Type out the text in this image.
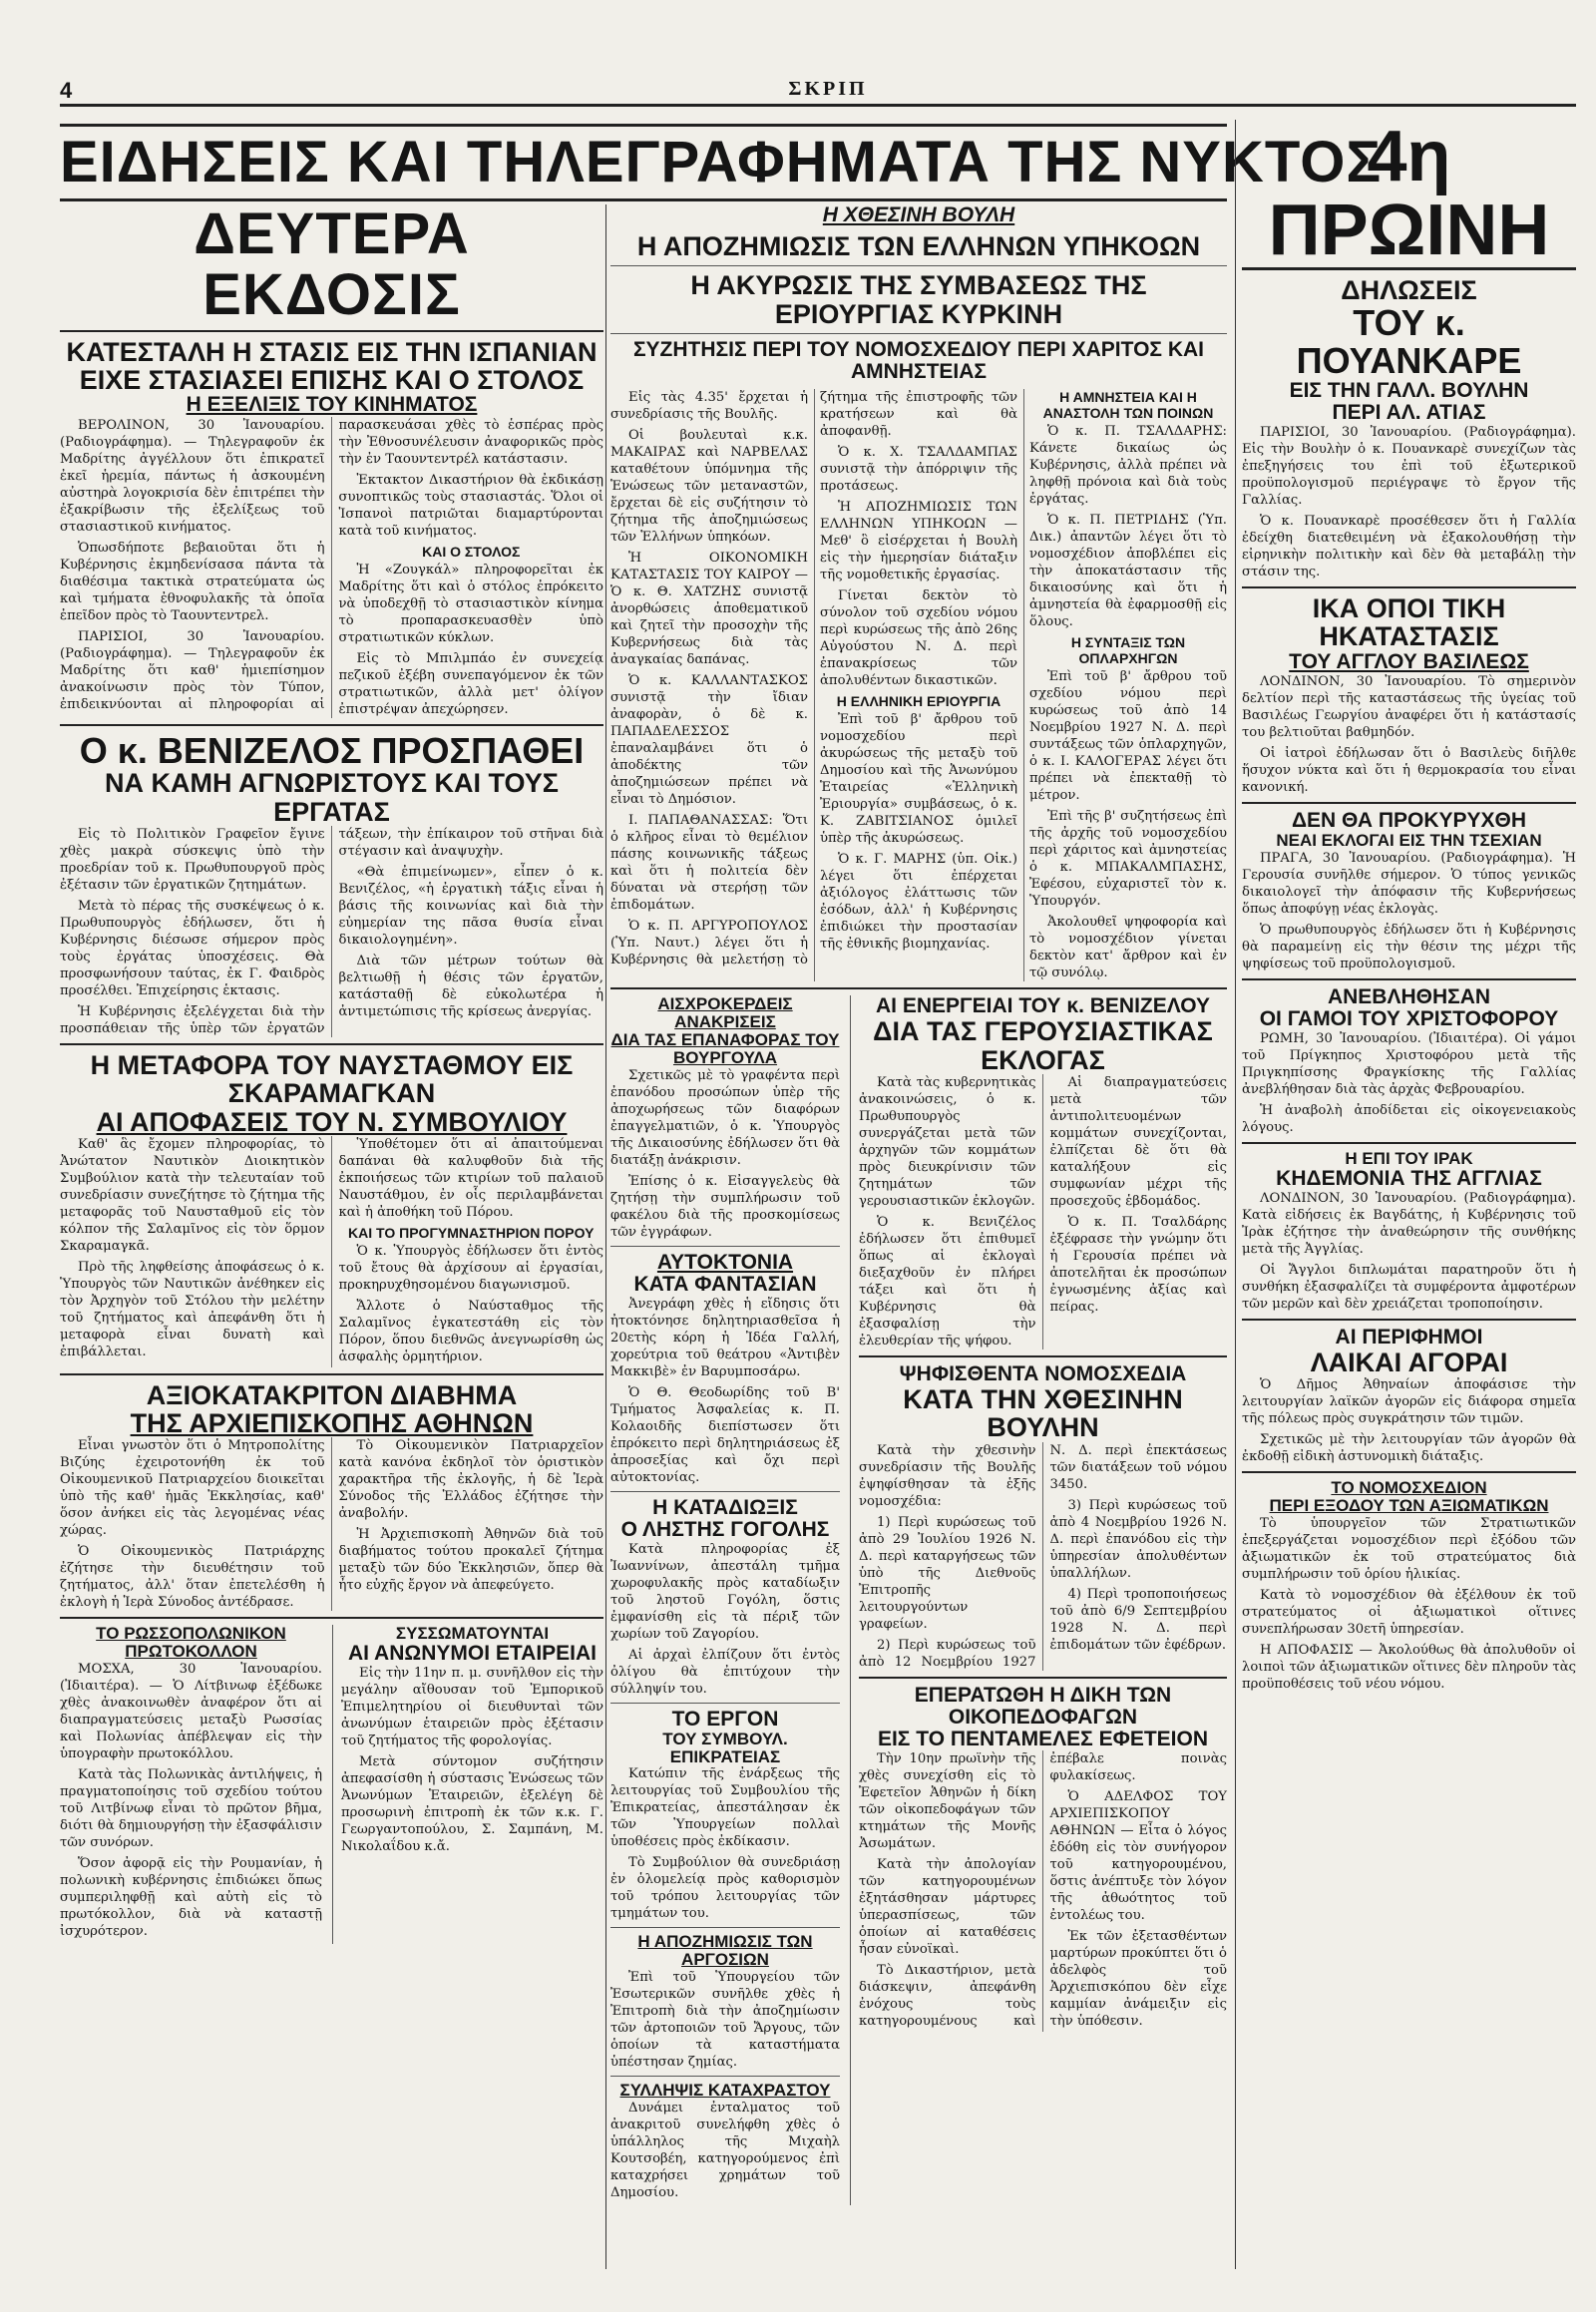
4	ΣΚΡΙΠ
ΕΙΔΗΣΕΙΣ ΚΑΙ ΤΗΛΕΓΡΑΦΗΜΑΤΑ ΤΗΣ ΝΥΚΤΟΣ
ΔΕΥΤΕΡΑ ΕΚΔΟΣΙΣ
ΚΑΤΕΣΤΑΛΗ Η ΣΤΑΣΙΣ ΕΙΣ ΤΗΝ ΙΣΠΑΝΙΑΝ
ΕΙΧΕ ΣΤΑΣΙΑΣΕΙ ΕΠΙΣΗΣ ΚΑΙ Ο ΣΤΟΛΟΣ
Η ΕΞΕΛΙΞΙΣ ΤΟΥ ΚΙΝΗΜΑΤΟΣ

ΒΕΡΟΛΙΝΟΝ, 30 Ἰανουαρίου. (Ραδιογράφημα). — Τηλεγραφοῦν ἐκ Μαδρίτης ἀγγέλλουν ὅτι ἐπικρατεῖ ἐκεῖ ἡρεμία, πάντως ἡ ἀσκουμένη αὐστηρὰ λογοκρισία δὲν ἐπιτρέπει τὴν ἐξακρίβωσιν τῆς ἐξελίξεως τοῦ στασιαστικοῦ κινήματος.

Ὁπωσδήποτε βεβαιοῦται ὅτι ἡ Κυβέρνησις ἐκμηδενίσασα πάντα τὰ διαθέσιμα τακτικὰ στρατεύματα ὡς καὶ τμήματα ἐθνοφυλακῆς τὰ ὁποῖα ἐπεῖδον πρὸς τὸ Ταουντεντρελ.

ΠΑΡΙΣΙΟΙ, 30 Ἰανουαρίου. (Ραδιογράφημα). — Τηλεγραφοῦν ἐκ Μαδρίτης ὅτι καθ' ἡμιεπίσημον ἀνακοίνωσιν πρὸς τὸν Τύπον, ἐπιδεικνύονται αἱ πληροφορίαι αἱ παρασκευάσαι χθὲς τὸ ἑσπέρας πρὸς τὴν Ἐθνοσυνέλευσιν ἀναφορικῶς πρὸς τὴν ἐν Ταουντεντρέλ κατάστασιν.

Ἐκτακτον Δικαστήριον θὰ ἐκδικάσῃ συνοπτικῶς τοὺς στασιαστάς. Ὅλοι οἱ Ἰσπανοὶ πατριῶται διαμαρτύρονται κατὰ τοῦ κινήματος.

ΚΑΙ Ο ΣΤΟΛΟΣ

Ἡ «Ζουγκάλ» πληροφορεῖται ἐκ Μαδρίτης ὅτι καὶ ὁ στόλος ἐπρόκειτο νὰ ὑποδεχθῇ τὸ στασιαστικὸν κίνημα τὸ προπαρασκευασθὲν ὑπὸ στρατιωτικῶν κύκλων.

Εἰς τὸ Μπιλμπάο ἐν συνεχείᾳ πεζικοῦ ἐξέβη συνεπαγόμενον ἐκ τῶν στρατιωτικῶν, ἀλλὰ μετ' ὀλίγον ἐπιστρέψαν ἀπεχώρησεν.

Ο κ. ΒΕΝΙΖΕΛΟΣ ΠΡΟΣΠΑΘΕΙ
ΝΑ ΚΑΜΗ ΑΓΝΩΡΙΣΤΟΥΣ ΚΑΙ ΤΟΥΣ ΕΡΓΑΤΑΣ

Εἰς τὸ Πολιτικὸν Γραφεῖον ἔγινε χθὲς μακρὰ σύσκεψις ὑπὸ τὴν προεδρίαν τοῦ κ. Πρωθυπουργοῦ πρὸς ἐξέτασιν τῶν ἐργατικῶν ζητημάτων.

Μετὰ τὸ πέρας τῆς συσκέψεως ὁ κ. Πρωθυπουργὸς ἐδήλωσεν, ὅτι ἡ Κυβέρνησις διέσωσε σήμερον πρὸς τοὺς ἐργάτας ὑποσχέσεις. Θὰ προσφωνήσουν ταύτας, ἐκ Γ. Φαιδρὸς προσέλθει. Ἐπιχείρησις ἑκτασις.

Ἡ Κυβέρνησις ἐξελέγχεται διὰ τὴν προσπάθειαν τῆς ὑπὲρ τῶν ἐργατῶν τάξεων, τὴν ἐπίκαιρον τοῦ στῆναι διὰ στέγασιν καὶ ἀναψυχὴν.

«Θὰ ἐπιμείνωμεν», εἶπεν ὁ κ. Βενιζέλος, «ἡ ἐργατικὴ τάξις εἶναι ἡ βάσις τῆς κοινωνίας καὶ διὰ τὴν εὐημερίαν της πᾶσα θυσία εἶναι δικαιολογημένη».

Διὰ τῶν μέτρων τούτων θὰ βελτιωθῇ ἡ θέσις τῶν ἐργατῶν, κατάσταθῇ δὲ εὐκολωτέρα ἡ ἀντιμετώπισις τῆς κρίσεως ἀνεργίας.

Η ΜΕΤΑΦΟΡΑ ΤΟΥ ΝΑΥΣΤΑΘΜΟΥ ΕΙΣ ΣΚΑΡΑΜΑΓΚΑΝ
ΑΙ ΑΠΟΦΑΣΕΙΣ ΤΟΥ Ν. ΣΥΜΒΟΥΛΙΟΥ

Καθ' ἃς ἔχομεν πληροφορίας, τὸ Ἀνώτατον Ναυτικὸν Διοικητικὸν Συμβούλιον κατὰ τὴν τελευταίαν τοῦ συνεδρίασιν συνεζήτησε τὸ ζήτημα τῆς μεταφορᾶς τοῦ Ναυσταθμοῦ εἰς τὸν κόλπον τῆς Σαλαμῖνος εἰς τὸν ὅρμον Σκαραμαγκᾶ.

Πρὸ τῆς ληφθείσης ἀποφάσεως ὁ κ. Ὑπουργὸς τῶν Ναυτικῶν ἀνέθηκεν εἰς τὸν Ἀρχηγὸν τοῦ Στόλου τὴν μελέτην τοῦ ζητήματος καὶ ἀπεφάνθη ὅτι ἡ μεταφορὰ εἶναι δυνατὴ καὶ ἐπιβάλλεται.

Ὑποθέτομεν ὅτι αἱ ἀπαιτούμεναι δαπάναι θὰ καλυφθοῦν διὰ τῆς ἐκποιήσεως τῶν κτιρίων τοῦ παλαιοῦ Ναυστάθμου, ἐν οἷς περιλαμβάνεται καὶ ἡ ἀποθήκη τοῦ Πόρου.

ΚΑΙ ΤΟ ΠΡΟΓΥΜΝΑΣΤΗΡΙΟΝ ΠΟΡΟΥ

Ὁ κ. Ὑπουργὸς ἐδήλωσεν ὅτι ἐντὸς τοῦ ἔτους θὰ ἀρχίσουν αἱ ἐργασίαι, προκηρυχθησομένου διαγωνισμοῦ.

Ἄλλοτε ὁ Ναύσταθμος τῆς Σαλαμῖνος ἐγκατεστάθη εἰς τὸν Πόρον, ὅπου διεθνῶς ἀνεγνωρίσθη ὡς ἀσφαλὴς ὁρμητήριον.

ΑΞΙΟΚΑΤΑΚΡΙΤΟΝ ΔΙΑΒΗΜΑ
ΤΗΣ ΑΡΧΙΕΠΙΣΚΟΠΗΣ ΑΘΗΝΩΝ

Εἶναι γνωστὸν ὅτι ὁ Μητροπολίτης Βιζύης ἐχειροτονήθη ἐκ τοῦ Οἰκουμενικοῦ Πατριαρχείου διοικεῖται ὑπὸ τῆς καθ' ἡμᾶς Ἐκκλησίας, καθ' ὅσον ἀνήκει εἰς τὰς λεγομένας νέας χώρας.

Ὁ Οἰκουμενικὸς Πατριάρχης ἐζήτησε τὴν διευθέτησιν τοῦ ζητήματος, ἀλλ' ὅταν ἐπετελέσθη ἡ ἐκλογὴ ἡ Ἱερὰ Σύνοδος ἀντέδρασε.

Τὸ Οἰκουμενικὸν Πατριαρχεῖον κατὰ κανόνα ἐκδηλοῖ τὸν ὁριστικὸν χαρακτῆρα τῆς ἐκλογῆς, ἡ δὲ Ἱερὰ Σύνοδος τῆς Ἑλλάδος ἐζήτησε τὴν ἀναβολήν.

Ἡ Ἀρχιεπισκοπὴ Ἀθηνῶν διὰ τοῦ διαβήματος τούτου προκαλεῖ ζήτημα μεταξὺ τῶν δύο Ἐκκλησιῶν, ὅπερ θὰ ἦτο εὐχῆς ἔργον νὰ ἀπεφεύγετο.

ΤΟ ΡΩΣΣΟΠΟΛΩΝΙΚΟΝ ΠΡΩΤΟΚΟΛΛΟΝ

ΜΟΣΧΑ, 30 Ἰανουαρίου. (Ἰδιαιτέρα). — Ὁ Λίτβινωφ ἐξέδωκε χθὲς ἀνακοινωθὲν ἀναφέρον ὅτι αἱ διαπραγματεύσεις μεταξὺ Ρωσσίας καὶ Πολωνίας ἀπέβλεψαν εἰς τὴν ὑπογραφὴν πρωτοκόλλου.

Κατὰ τὰς Πολωνικὰς ἀντιλήψεις, ἡ πραγματοποίησις τοῦ σχεδίου τούτου τοῦ Λιτβίνωφ εἶναι τὸ πρῶτον βῆμα, διότι θὰ δημιουργήσῃ τὴν ἐξασφάλισιν τῶν συνόρων.

Ὅσον ἀφορᾷ εἰς τὴν Ρουμανίαν, ἡ πολωνικὴ κυβέρνησις ἐπιδιώκει ὅπως συμπεριληφθῇ καὶ αὐτὴ εἰς τὸ πρωτόκολλον, διὰ νὰ καταστῇ ἰσχυρότερον.

ΣΥΣΣΩΜΑΤΟΥΝΤΑΙ
ΑΙ ΑΝΩΝΥΜΟΙ ΕΤΑΙΡΕΙΑΙ

Εἰς τὴν 11ην π. μ. συνῆλθον εἰς τὴν μεγάλην αἴθουσαν τοῦ Ἐμπορικοῦ Ἐπιμελητηρίου οἱ διευθυνταὶ τῶν ἀνωνύμων ἑταιρειῶν πρὸς ἐξέτασιν τοῦ ζητήματος τῆς φορολογίας.

Μετὰ σύντομον συζήτησιν ἀπεφασίσθη ἡ σύστασις Ἑνώσεως τῶν Ἀνωνύμων Ἑταιρειῶν, ἐξελέγη δὲ προσωρινὴ ἐπιτροπὴ ἐκ τῶν κ.κ. Γ. Γεωργαντοπούλου, Σ. Σαμπάνη, Μ. Νικολαΐδου κ.ἄ.

Η ΧΘΕΣΙΝΗ ΒΟΥΛΗ
Η ΑΠΟΖΗΜΙΩΣΙΣ ΤΩΝ ΕΛΛΗΝΩΝ ΥΠΗΚΟΩΝ
Η ΑΚΥΡΩΣΙΣ ΤΗΣ ΣΥΜΒΑΣΕΩΣ ΤΗΣ ΕΡΙΟΥΡΓΙΑΣ ΚΥΡΚΙΝΗ
ΣΥΖΗΤΗΣΙΣ ΠΕΡΙ ΤΟΥ ΝΟΜΟΣΧΕΔΙΟΥ ΠΕΡΙ ΧΑΡΙΤΟΣ ΚΑΙ ΑΜΝΗΣΤΕΙΑΣ

Εἰς τὰς 4.35' ἔρχεται ἡ συνεδρίασις τῆς Βουλῆς.

Οἱ βουλευταὶ κ.κ. ΜΑΚΑΙΡΑΣ καὶ ΝΑΡΒΕΛΑΣ καταθέτουν ὑπόμνημα τῆς Ἑνώσεως τῶν μεταναστῶν, ἔρχεται δὲ εἰς συζήτησιν τὸ ζήτημα τῆς ἀποζημιώσεως τῶν Ἑλλήνων ὑπηκόων.

Ἡ ΟΙΚΟΝΟΜΙΚΗ ΚΑΤΑΣΤΑΣΙΣ ΤΟΥ ΚΑΙΡΟΥ — Ὁ κ. Θ. ΧΑΤΖΗΣ συνιστᾷ ἀνορθώσεις ἀποθεματικοῦ καὶ ζητεῖ τὴν προσοχὴν τῆς Κυβερνήσεως διὰ τὰς ἀναγκαίας δαπάνας.

Ὁ κ. ΚΑΛΛΑΝΤΑΣΚΟΣ συνιστᾷ τὴν ἴδιαν ἀναφορὰν, ὁ δὲ κ. ΠΑΠΑΔΕΛΕΣΣΟΣ ἐπαναλαμβάνει ὅτι ὁ ἀποδέκτης τῶν ἀποζημιώσεων πρέπει νὰ εἶναι τὸ Δημόσιον.

Ι. ΠΑΠΑΘΑΝΑΣΣΑΣ: Ὅτι ὁ κλῆρος εἶναι τὸ θεμέλιον πάσης κοινωνικῆς τάξεως καὶ ὅτι ἡ πολιτεία δὲν δύναται νὰ στερήσῃ τῶν ἐπιδομάτων.

Ὁ κ. Π. ΑΡΓΥΡΟΠΟΥΛΟΣ (Ὑπ. Ναυτ.) λέγει ὅτι ἡ Κυβέρνησις θὰ μελετήσῃ τὸ ζήτημα τῆς ἐπιστροφῆς τῶν κρατήσεων καὶ θὰ ἀποφανθῇ.

Ὁ κ. Χ. ΤΣΑΛΔΑΜΠΑΣ συνιστᾷ τὴν ἀπόρριψιν τῆς προτάσεως.

Ἡ ΑΠΟΖΗΜΙΩΣΙΣ ΤΩΝ ΕΛΛΗΝΩΝ ΥΠΗΚΟΩΝ — Μεθ' ὃ εἰσέρχεται ἡ Βουλὴ εἰς τὴν ἡμερησίαν διάταξιν τῆς νομοθετικῆς ἐργασίας.

Γίνεται δεκτὸν τὸ σύνολον τοῦ σχεδίου νόμου περὶ κυρώσεως τῆς ἀπὸ 26ης Αὐγούστου Ν. Δ. περὶ ἐπανακρίσεως τῶν ἀπολυθέντων δικαστικῶν.

Η ΕΛΛΗΝΙΚΗ ΕΡΙΟΥΡΓΙΑ

Ἐπὶ τοῦ β' ἄρθρου τοῦ νομοσχεδίου περὶ ἀκυρώσεως τῆς μεταξὺ τοῦ Δημοσίου καὶ τῆς Ἀνωνύμου Ἑταιρείας «Ἑλληνικὴ Ἐριουργία» συμβάσεως, ὁ κ. Κ. ΖΑΒΙΤΣΙΑΝΟΣ ὁμιλεῖ ὑπὲρ τῆς ἀκυρώσεως.

Ὁ κ. Γ. ΜΑΡΗΣ (ὑπ. Οἰκ.) λέγει ὅτι ἐπέρχεται ἀξιόλογος ἐλάττωσις τῶν ἐσόδων, ἀλλ' ἡ Κυβέρνησις ἐπιδιώκει τὴν προστασίαν τῆς ἐθνικῆς βιομηχανίας.

Η ΑΜΝΗΣΤΕΙΑ ΚΑΙ Η ΑΝΑΣΤΟΛΗ ΤΩΝ ΠΟΙΝΩΝ

Ὁ κ. Π. ΤΣΑΛΔΑΡΗΣ: Κάνετε δικαίως ὡς Κυβέρνησις, ἀλλὰ πρέπει νὰ ληφθῇ πρόνοια καὶ διὰ τοὺς ἐργάτας.

Ὁ κ. Π. ΠΕΤΡΙΔΗΣ (Ὑπ. Δικ.) ἀπαντῶν λέγει ὅτι τὸ νομοσχέδιον ἀποβλέπει εἰς τὴν ἀποκατάστασιν τῆς δικαιοσύνης καὶ ὅτι ἡ ἀμνηστεία θὰ ἐφαρμοσθῇ εἰς ὅλους.

Η ΣΥΝΤΑΞΙΣ ΤΩΝ ΟΠΛΑΡΧΗΓΩΝ

Ἐπὶ τοῦ β' ἄρθρου τοῦ σχεδίου νόμου περὶ κυρώσεως τοῦ ἀπὸ 14 Νοεμβρίου 1927 Ν. Δ. περὶ συντάξεως τῶν ὁπλαρχηγῶν, ὁ κ. Ι. ΚΑΛΟΓΕΡΑΣ λέγει ὅτι πρέπει νὰ ἐπεκταθῇ τὸ μέτρον.

Ἐπὶ τῆς β' συζητήσεως ἐπὶ τῆς ἀρχῆς τοῦ νομοσχεδίου περὶ χάριτος καὶ ἀμνηστείας ὁ κ. ΜΠΑΚΑΛΜΠΑΣΗΣ, Ἐφέσου, εὐχαριστεῖ τὸν κ. Ὑπουργόν.

Ἀκολουθεῖ ψηφοφορία καὶ τὸ νομοσχέδιον γίνεται δεκτὸν κατ' ἄρθρον καὶ ἐν τῷ συνόλῳ.

ΑΙΣΧΡΟΚΕΡΔΕΙΣ ΑΝΑΚΡΙΣΕΙΣ
ΔΙΑ ΤΑΣ ΕΠΑΝΑΦΟΡΑΣ ΤΟΥ ΒΟΥΡΓΟΥΛΑ

Σχετικῶς μὲ τὸ γραφέντα περὶ ἐπανόδου προσώπων ὑπὲρ τῆς ἀποχωρήσεως τῶν διαφόρων ἐπαγγελματιῶν, ὁ κ. Ὑπουργὸς τῆς Δικαιοσύνης ἐδήλωσεν ὅτι θὰ διατάξῃ ἀνάκρισιν.

Ἐπίσης ὁ κ. Εἰσαγγελεὺς θὰ ζητήσῃ τὴν συμπλήρωσιν τοῦ φακέλου διὰ τῆς προσκομίσεως τῶν ἐγγράφων.

ΑΥΤΟΚΤΟΝΙΑ
ΚΑΤΑ ΦΑΝΤΑΣΙΑΝ

Ἀνεγράφη χθὲς ἡ εἴδησις ὅτι ἠτοκτόνησε δηλητηριασθεῖσα ἡ 20ετὴς κόρη ἡ Ἰδέα Γαλλή, χορεύτρια τοῦ θεάτρου «Ἀντιβὲν Μακκιβὲ» ἐν Βαρυμποσάρω.

Ὁ Θ. Θεοδωρίδης τοῦ Β' Τμήματος Ἀσφαλείας κ. Π. Κολαοιδῆς διεπίστωσεν ὅτι ἐπρόκειτο περὶ δηλητηριάσεως ἐξ ἀπροσεξίας καὶ ὄχι περὶ αὐτοκτονίας.

Η ΚΑΤΑΔΙΩΞΙΣ
Ο ΛΗΣΤΗΣ ΓΟΓΟΛΗΣ

Κατὰ πληροφορίας ἐξ Ἰωαννίνων, ἀπεστάλη τμῆμα χωροφυλακῆς πρὸς καταδίωξιν τοῦ ληστοῦ Γογόλη, ὅστις ἐμφανίσθη εἰς τὰ πέριξ τῶν χωρίων τοῦ Ζαγορίου.

Αἱ ἀρχαὶ ἐλπίζουν ὅτι ἐντὸς ὀλίγου θὰ ἐπιτύχουν τὴν σύλληψίν του.

ΤΟ ΕΡΓΟΝ
ΤΟΥ ΣΥΜΒΟΥΛ. ΕΠΙΚΡΑΤΕΙΑΣ

Κατώπιν τῆς ἐνάρξεως τῆς λειτουργίας τοῦ Συμβουλίου τῆς Ἐπικρατείας, ἀπεστάλησαν ἐκ τῶν Ὑπουργείων πολλαὶ ὑποθέσεις πρὸς ἐκδίκασιν.

Τὸ Συμβούλιον θὰ συνεδριάσῃ ἐν ὁλομελείᾳ πρὸς καθορισμὸν τοῦ τρόπου λειτουργίας τῶν τμημάτων του.

Η ΑΠΟΖΗΜΙΩΣΙΣ ΤΩΝ ΑΡΓΟΣΙΩΝ

Ἐπὶ τοῦ Ὑπουργείου τῶν Ἐσωτερικῶν συνῆλθε χθὲς ἡ Ἐπιτροπὴ διὰ τὴν ἀποζημίωσιν τῶν ἀρτοποιῶν τοῦ Ἄργους, τῶν ὁποίων τὰ καταστήματα ὑπέστησαν ζημίας.

ΣΥΛΛΗΨΙΣ ΚΑΤΑΧΡΑΣΤΟΥ

Δυνάμει ἐνταλματος τοῦ ἀνακριτοῦ συνελήφθη χθὲς ὁ ὑπάλληλος τῆς Μιχαὴλ Κουτσοβέη, κατηγορούμενος ἐπὶ καταχρήσει χρημάτων τοῦ Δημοσίου.

ΑΙ ΕΝΕΡΓΕΙΑΙ ΤΟΥ κ. ΒΕΝΙΖΕΛΟΥ
ΔΙΑ ΤΑΣ ΓΕΡΟΥΣΙΑΣΤΙΚΑΣ ΕΚΛΟΓΑΣ

Κατὰ τὰς κυβερνητικὰς ἀνακοινώσεις, ὁ κ. Πρωθυπουργὸς συνεργάζεται μετὰ τῶν ἀρχηγῶν τῶν κομμάτων πρὸς διευκρίνισιν τῶν ζητημάτων τῶν γερουσιαστικῶν ἐκλογῶν.

Ὁ κ. Βενιζέλος ἐδήλωσεν ὅτι ἐπιθυμεῖ ὅπως αἱ ἐκλογαὶ διεξαχθοῦν ἐν πλήρει τάξει καὶ ὅτι ἡ Κυβέρνησις θὰ ἐξασφαλίσῃ τὴν ἐλευθερίαν τῆς ψήφου.

Αἱ διαπραγματεύσεις μετὰ τῶν ἀντιπολιτευομένων κομμάτων συνεχίζονται, ἐλπίζεται δὲ ὅτι θὰ καταλήξουν εἰς συμφωνίαν μέχρι τῆς προσεχοῦς ἑβδομάδος.

Ὁ κ. Π. Τσαλδάρης ἐξέφρασε τὴν γνώμην ὅτι ἡ Γερουσία πρέπει νὰ ἀποτελῆται ἐκ προσώπων ἐγνωσμένης ἀξίας καὶ πείρας.

ΨΗΦΙΣΘΕΝΤΑ ΝΟΜΟΣΧΕΔΙΑ
ΚΑΤΑ ΤΗΝ ΧΘΕΣΙΝΗΝ ΒΟΥΛΗΝ

Κατὰ τὴν χθεσινὴν συνεδρίασιν τῆς Βουλῆς ἐψηφίσθησαν τὰ ἑξῆς νομοσχέδια:

1) Περὶ κυρώσεως τοῦ ἀπὸ 29 Ἰουλίου 1926 Ν. Δ. περὶ καταργήσεως τῶν ὑπὸ τῆς Διεθνοῦς Ἐπιτροπῆς λειτουργούντων γραφείων.

2) Περὶ κυρώσεως τοῦ ἀπὸ 12 Νοεμβρίου 1927 Ν. Δ. περὶ ἐπεκτάσεως τῶν διατάξεων τοῦ νόμου 3450.

3) Περὶ κυρώσεως τοῦ ἀπὸ 4 Νοεμβρίου 1926 Ν. Δ. περὶ ἐπανόδου εἰς τὴν ὑπηρεσίαν ἀπολυθέντων ὑπαλλήλων.

4) Περὶ τροποποιήσεως τοῦ ἀπὸ 6/9 Σεπτεμβρίου 1928 Ν. Δ. περὶ ἐπιδομάτων τῶν ἐφέδρων.

ΕΠΕΡΑΤΩΘΗ Η ΔΙΚΗ ΤΩΝ ΟΙΚΟΠΕΔΟΦΑΓΩΝ
ΕΙΣ ΤΟ ΠΕΝΤΑΜΕΛΕΣ ΕΦΕΤΕΙΟΝ

Τὴν 10ην πρωϊνὴν τῆς χθὲς συνεχίσθη εἰς τὸ Ἐφετεῖον Ἀθηνῶν ἡ δίκη τῶν οἰκοπεδοφάγων τῶν κτημάτων τῆς Μονῆς Ἀσωμάτων.

Κατὰ τὴν ἀπολογίαν τῶν κατηγορουμένων ἐξητάσθησαν μάρτυρες ὑπερασπίσεως, τῶν ὁποίων αἱ καταθέσεις ἦσαν εὐνοϊκαὶ.

Τὸ Δικαστήριον, μετὰ διάσκεψιν, ἀπεφάνθη ἐνόχους τοὺς κατηγορουμένους καὶ ἐπέβαλε ποινὰς φυλακίσεως.

Ὁ ΑΔΕΛΦΟΣ ΤΟΥ ΑΡΧΙΕΠΙΣΚΟΠΟΥ ΑΘΗΝΩΝ — Εἶτα ὁ λόγος ἐδόθη εἰς τὸν συνήγορον τοῦ κατηγορουμένου, ὅστις ἀνέπτυξε τὸν λόγον τῆς ἀθωότητος τοῦ ἐντολέως του.

Ἐκ τῶν ἐξετασθέντων μαρτύρων προκύπτει ὅτι ὁ ἀδελφὸς τοῦ Ἀρχιεπισκόπου δὲν εἶχε καμμίαν ἀνάμειξιν εἰς τὴν ὑπόθεσιν.

4η ΠΡΩΙΝΗ
ΔΗΛΩΣΕΙΣ
ΤΟΥ κ. ΠΟΥΑΝΚΑΡΕ
ΕΙΣ ΤΗΝ ΓΑΛΛ. ΒΟΥΛΗΝ
ΠΕΡΙ ΑΛ. ΑΤΙΑΣ

ΠΑΡΙΣΙΟΙ, 30 Ἰανουαρίου. (Ραδιογράφημα). Εἰς τὴν Βουλὴν ὁ κ. Πουανκαρὲ συνεχίζων τὰς ἐπεξηγήσεις του ἐπὶ τοῦ ἐξωτερικοῦ προϋπολογισμοῦ περιέγραψε τὸ ἔργον τῆς Γαλλίας.

Ὁ κ. Πουανκαρὲ προσέθεσεν ὅτι ἡ Γαλλία ἐδείχθη διατεθειμένη νὰ ἐξακολουθήσῃ τὴν εἰρηνικὴν πολιτικὴν καὶ δὲν θὰ μεταβάλῃ τὴν στάσιν της.

ΙΚΑ ΟΠΟΙ ΤΙΚΗ
ΗΚΑΤΑΣΤΑΣΙΣ
ΤΟΥ ΑΓΓΛΟΥ ΒΑΣΙΛΕΩΣ

ΛΟΝΔΙΝΟΝ, 30 Ἰανουαρίου. Τὸ σημερινὸν δελτίον περὶ τῆς καταστάσεως τῆς ὑγείας τοῦ Βασιλέως Γεωργίου ἀναφέρει ὅτι ἡ κατάστασίς του βελτιοῦται βαθμηδόν.

Οἱ ἰατροὶ ἐδήλωσαν ὅτι ὁ Βασιλεὺς διῆλθε ἥσυχον νύκτα καὶ ὅτι ἡ θερμοκρασία του εἶναι κανονική.

ΔΕΝ ΘΑ ΠΡΟΚΥΡΥΧΘΗ
ΝΕΑΙ ΕΚΛΟΓΑΙ ΕΙΣ ΤΗΝ ΤΣΕΧΙΑΝ

ΠΡΑΓΑ, 30 Ἰανουαρίου. (Ραδιογράφημα). Ἡ Γερουσία συνῆλθε σήμερον. Ὁ τύπος γενικῶς δικαιολογεῖ τὴν ἀπόφασιν τῆς Κυβερνήσεως ὅπως ἀποφύγῃ νέας ἐκλογὰς.

Ὁ πρωθυπουργὸς ἐδήλωσεν ὅτι ἡ Κυβέρνησις θὰ παραμείνῃ εἰς τὴν θέσιν της μέχρι τῆς ψηφίσεως τοῦ προϋπολογισμοῦ.

ΑΝΕΒΛΗΘΗΣΑΝ
ΟΙ ΓΑΜΟΙ ΤΟΥ ΧΡΙΣΤΟΦΟΡΟΥ

ΡΩΜΗ, 30 Ἰανουαρίου. (Ἰδιαιτέρα). Οἱ γάμοι τοῦ Πρίγκηπος Χριστοφόρου μετὰ τῆς Πριγκηπίσσης Φραγκίσκης τῆς Γαλλίας ἀνεβλήθησαν διὰ τὰς ἀρχὰς Φεβρουαρίου.

Ἡ ἀναβολὴ ἀποδίδεται εἰς οἰκογενειακοὺς λόγους.

Η ΕΠΙ ΤΟΥ ΙΡΑΚ
ΚΗΔΕΜΟΝΙΑ ΤΗΣ ΑΓΓΛΙΑΣ

ΛΟΝΔΙΝΟΝ, 30 Ἰανουαρίου. (Ραδιογράφημα). Κατὰ εἰδήσεις ἐκ Βαγδάτης, ἡ Κυβέρνησις τοῦ Ἰρὰκ ἐζήτησε τὴν ἀναθεώρησιν τῆς συνθήκης μετὰ τῆς Ἀγγλίας.

Οἱ Ἄγγλοι διπλωμάται παρατηροῦν ὅτι ἡ συνθήκη ἐξασφαλίζει τὰ συμφέροντα ἀμφοτέρων τῶν μερῶν καὶ δὲν χρειάζεται τροποποίησιν.

ΑΙ ΠΕΡΙΦΗΜΟΙ
ΛΑΙΚΑΙ ΑΓΟΡΑΙ

Ὁ Δῆμος Ἀθηναίων ἀποφάσισε τὴν λειτουργίαν λαϊκῶν ἀγορῶν εἰς διάφορα σημεῖα τῆς πόλεως πρὸς συγκράτησιν τῶν τιμῶν.

Σχετικῶς μὲ τὴν λειτουργίαν τῶν ἀγορῶν θὰ ἐκδοθῇ εἰδικὴ ἀστυνομικὴ διάταξις.

ΤΟ ΝΟΜΟΣΧΕΔΙΟΝ
ΠΕΡΙ ΕΞΟΔΟΥ ΤΩΝ ΑΞΙΩΜΑΤΙΚΩΝ

Τὸ ὑπουργεῖον τῶν Στρατιωτικῶν ἐπεξεργάζεται νομοσχέδιον περὶ ἐξόδου τῶν ἀξιωματικῶν ἐκ τοῦ στρατεύματος διὰ συμπλήρωσιν τοῦ ὁρίου ἡλικίας.

Κατὰ τὸ νομοσχέδιον θὰ ἐξέλθουν ἐκ τοῦ στρατεύματος οἱ ἀξιωματικοὶ οἵτινες συνεπλήρωσαν 30ετῆ ὑπηρεσίαν.

Η ΑΠΟΦΑΣΙΣ — Ἀκολούθως θὰ ἀπολυθοῦν οἱ λοιποὶ τῶν ἀξιωματικῶν οἵτινες δὲν πληροῦν τὰς προϋποθέσεις τοῦ νέου νόμου.
